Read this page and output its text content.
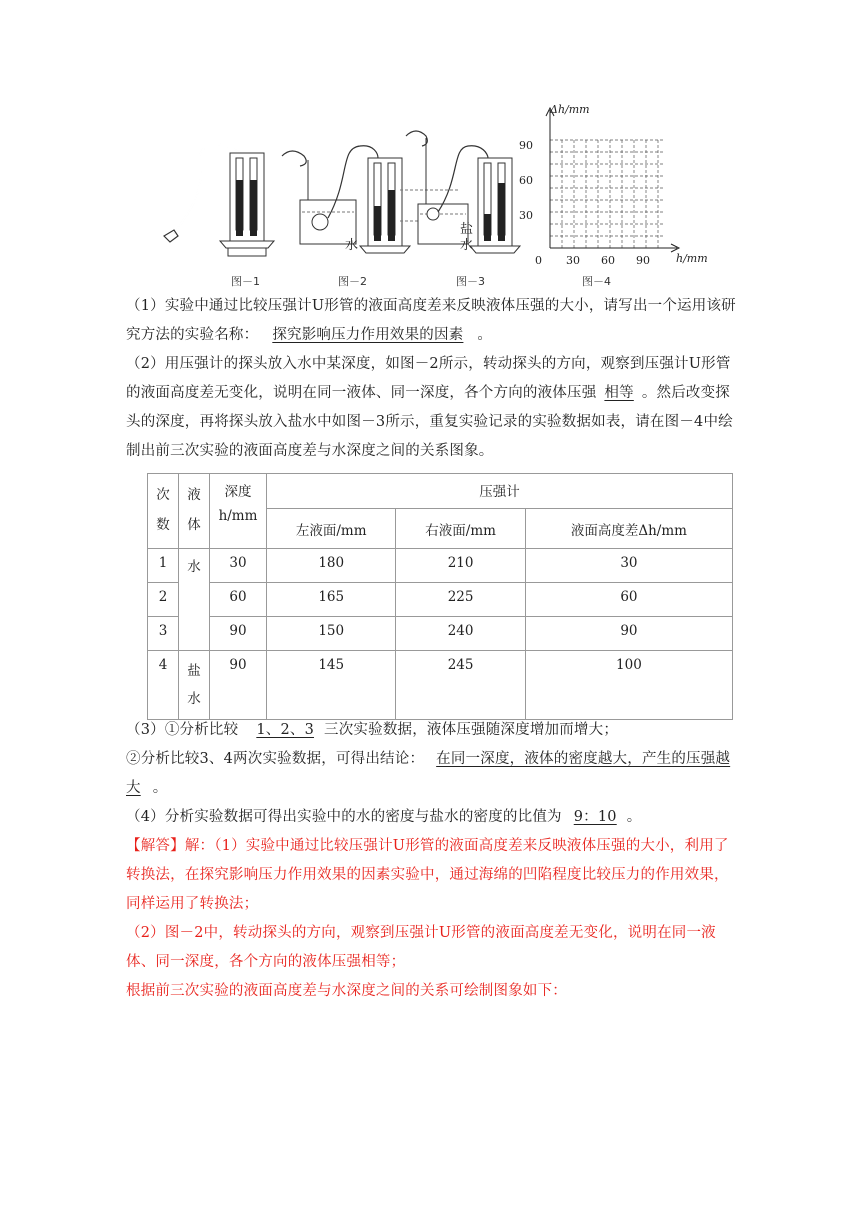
水
盐
水
图－1	图－2	图－3	图－4
Δh/mm
h/mm
0 30 60 90
90
60
30
（1）实验中通过比较压强计U形管的液面高度差来反映液体压强的大小，请写出一个运用该研究方法的实验名称： 探究影响压力作用效果的因素 。
（2）用压强计的探头放入水中某深度，如图－2所示，转动探头的方向，观察到压强计U形管的液面高度差无变化，说明在同一液体、同一深度，各个方向的液体压强 相等 。然后改变探头的深度，再将探头放入盐水中如图－3所示，重复实验记录的实验数据如表，请在图－4中绘制出前三次实验的液面高度差与水深度之间的关系图象。
次数	液体	深度h/mm	压强计		
			左液面/mm	右液面/mm	液面高度差Δh/mm
1	水	30	180	210	30
2		60	165	225	60
3		90	150	240	90
4	盐水	90	145	245	100
（3）①分析比较 1、2、3 三次实验数据，液体压强随深度增加而增大；
②分析比较3、4两次实验数据，可得出结论： 在同一深度，液体的密度越大，产生的压强越大 。
（4）分析实验数据可得出实验中的水的密度与盐水的密度的比值为 9：10 。
【解答】解：（1）实验中通过比较压强计U形管的液面高度差来反映液体压强的大小，利用了转换法，在探究影响压力作用效果的因素实验中，通过海绵的凹陷程度比较压力的作用效果，同样运用了转换法；
（2）图－2中，转动探头的方向，观察到压强计U形管的液面高度差无变化，说明在同一液体、同一深度，各个方向的液体压强相等；
根据前三次实验的液面高度差与水深度之间的关系可绘制图象如下：
